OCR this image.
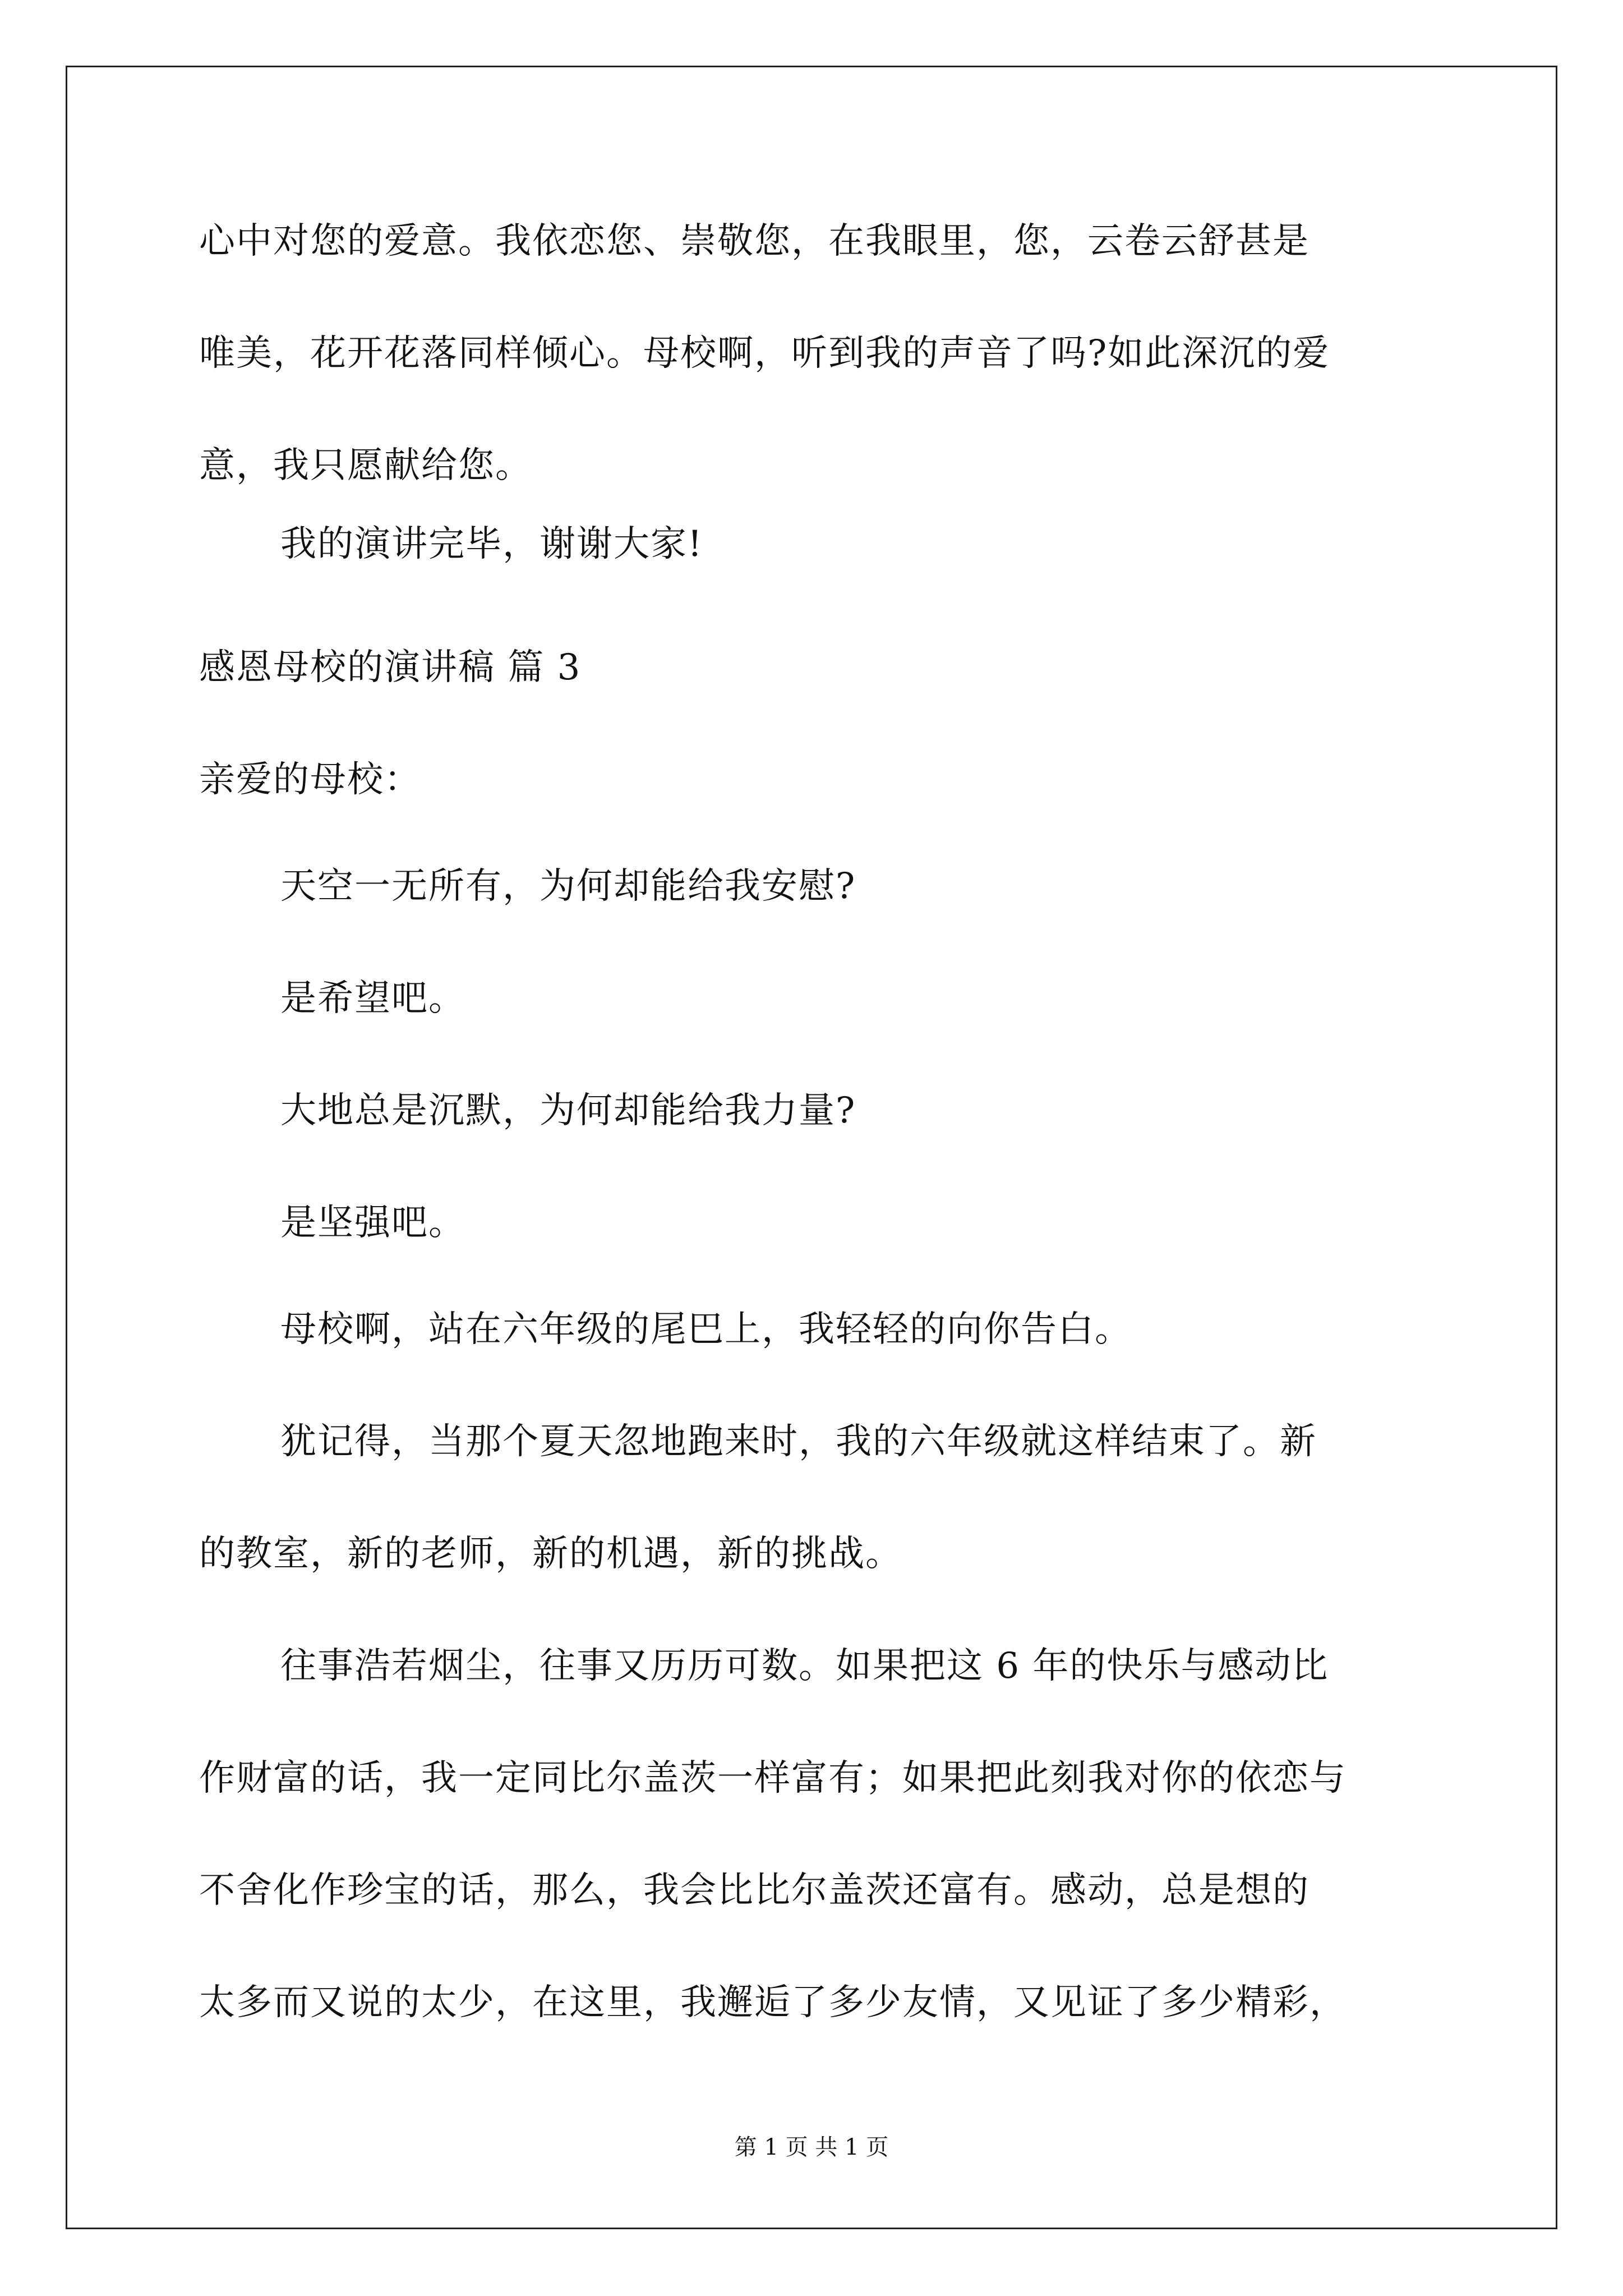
心中对您的爱意。我依恋您、崇敬您，在我眼里，您，云卷云舒甚是
唯美，花开花落同样倾心。母校啊，听到我的声音了吗?如此深沉的爱
意，我只愿献给您。
我的演讲完毕，谢谢大家!
感恩母校的演讲稿 篇 3
亲爱的母校：
天空一无所有，为何却能给我安慰?
是希望吧。
大地总是沉默，为何却能给我力量?
是坚强吧。
母校啊，站在六年级的尾巴上，我轻轻的向你告白。
犹记得，当那个夏天忽地跑来时，我的六年级就这样结束了。新
的教室，新的老师，新的机遇，新的挑战。
往事浩若烟尘，往事又历历可数。如果把这 6 年的快乐与感动比
作财富的话，我一定同比尔盖茨一样富有；如果把此刻我对你的依恋与
不舍化作珍宝的话，那么，我会比比尔盖茨还富有。感动，总是想的
太多而又说的太少，在这里，我邂逅了多少友情，又见证了多少精彩，
第 1 页 共 1 页
